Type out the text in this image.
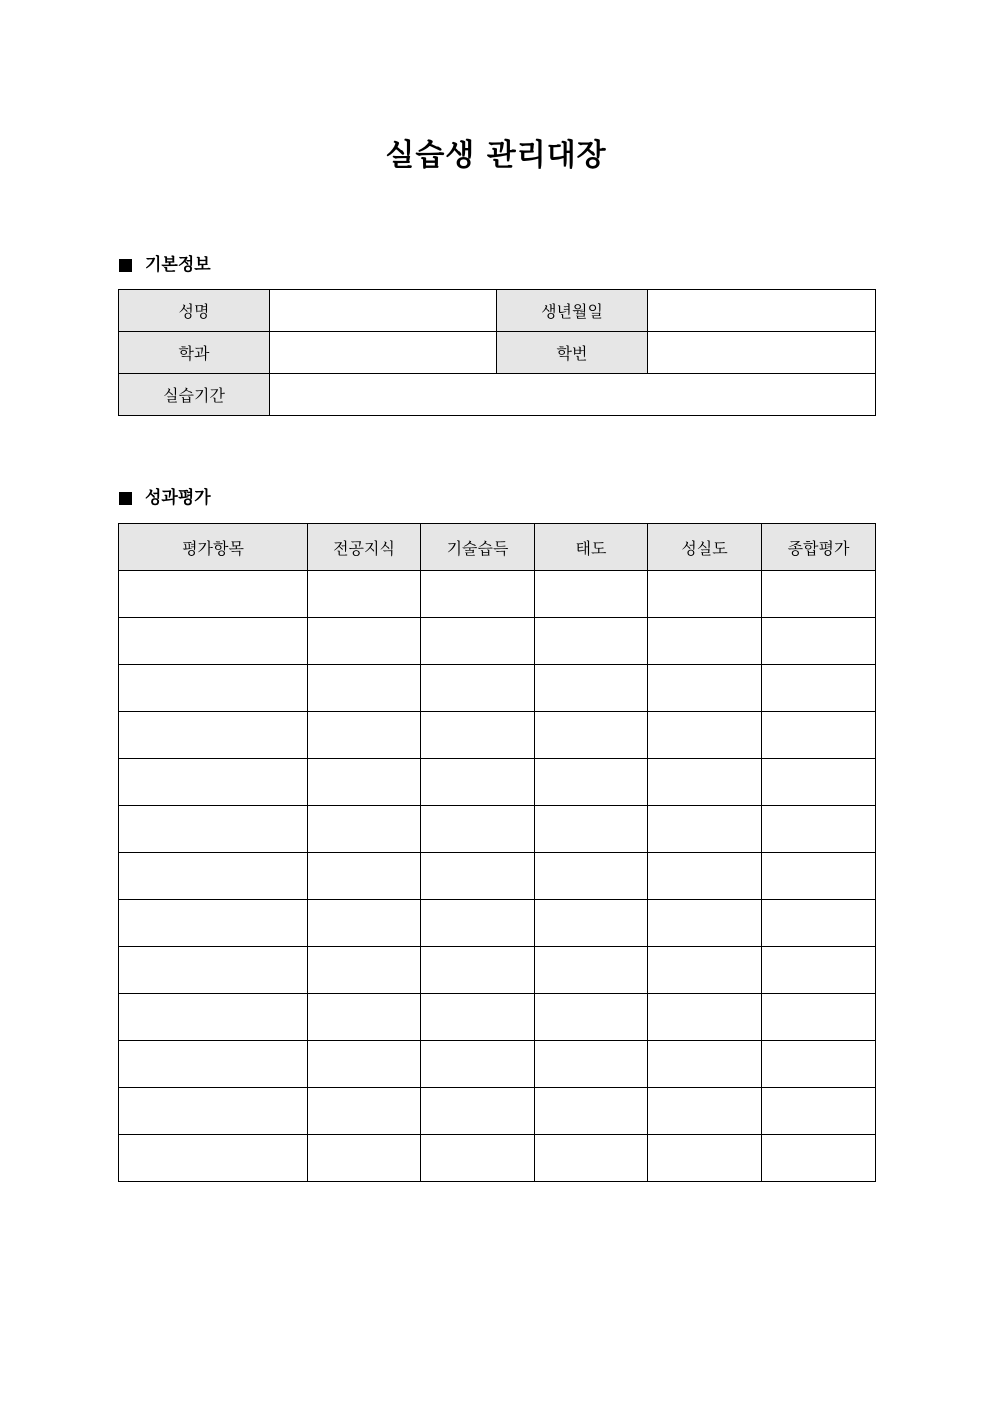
실습생 관리대장
기본정보
성명		생년월일	
학과		학번	
실습기간			
성과평가
평가항목	전공지식	기술습득	태도	성실도	종합평가
